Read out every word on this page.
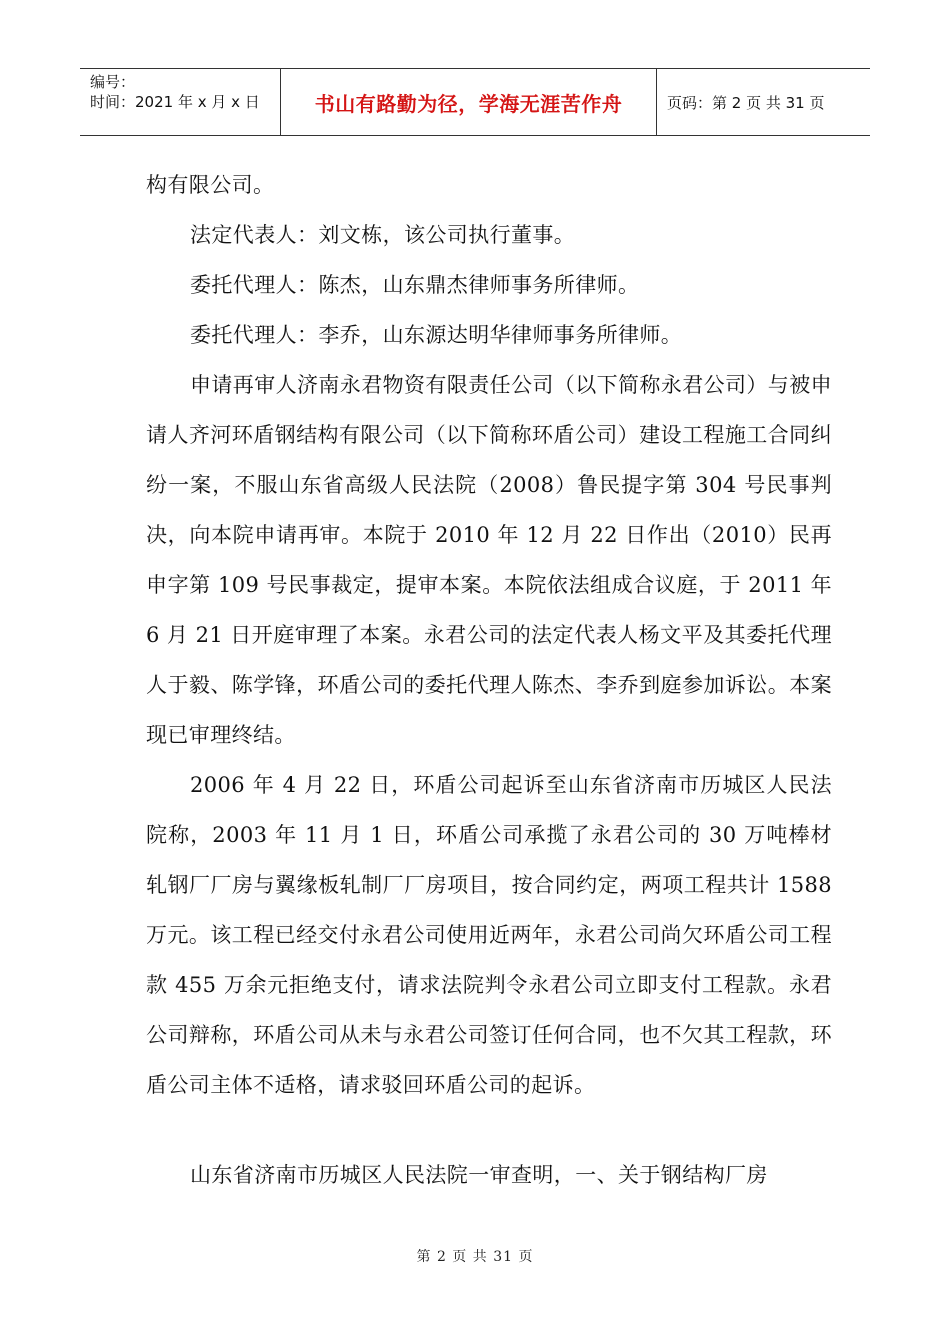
编号：
时间：2021 年 x 月 x 日	书山有路勤为径，学海无涯苦作舟	页码：第 2 页 共 31 页

构有限公司。

法定代表人：刘文栋，该公司执行董事。

委托代理人：陈杰，山东鼎杰律师事务所律师。

委托代理人：李乔，山东源达明华律师事务所律师。

申请再审人济南永君物资有限责任公司（以下简称永君公司）与被申请人齐河环盾钢结构有限公司（以下简称环盾公司）建设工程施工合同纠纷一案，不服山东省高级人民法院（2008）鲁民提字第 304 号民事判决，向本院申请再审。本院于 2010 年 12 月 22 日作出（2010）民再申字第 109 号民事裁定，提审本案。本院依法组成合议庭，于 2011 年 6 月 21 日开庭审理了本案。永君公司的法定代表人杨文平及其委托代理人于毅、陈学锋，环盾公司的委托代理人陈杰、李乔到庭参加诉讼。本案现已审理终结。

2006 年 4 月 22 日，环盾公司起诉至山东省济南市历城区人民法院称，2003 年 11 月 1 日，环盾公司承揽了永君公司的 30 万吨棒材轧钢厂厂房与翼缘板轧制厂厂房项目，按合同约定，两项工程共计 1588 万元。该工程已经交付永君公司使用近两年，永君公司尚欠环盾公司工程款 455 万余元拒绝支付，请求法院判令永君公司立即支付工程款。永君公司辩称，环盾公司从未与永君公司签订任何合同，也不欠其工程款，环盾公司主体不适格，请求驳回环盾公司的起诉。

山东省济南市历城区人民法院一审查明，一、关于钢结构厂房

第 2 页 共 31 页
